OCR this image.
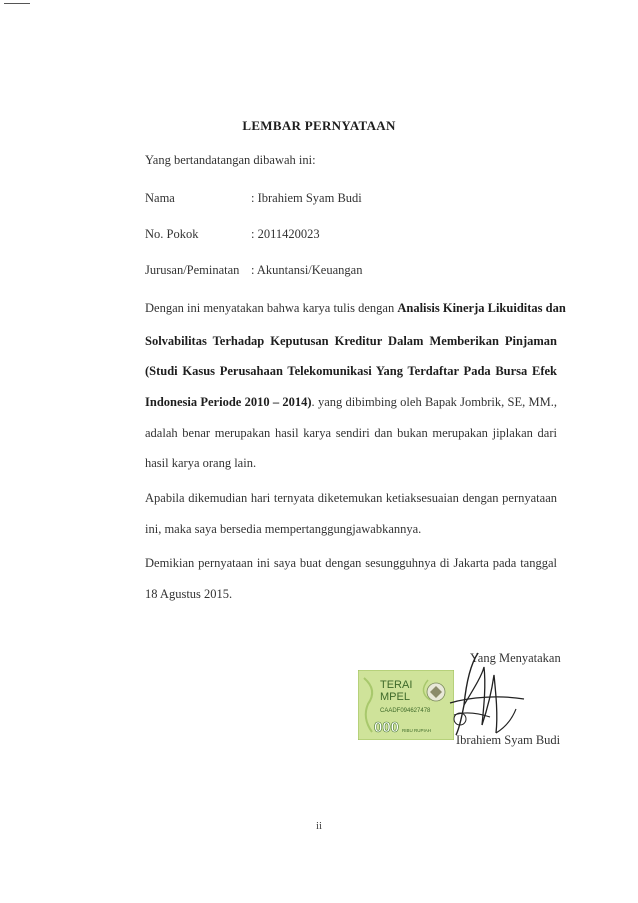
LEMBAR PERNYATAAN
Yang bertandatangan dibawah ini:
Nama	: Ibrahiem Syam Budi
No. Pokok	: 2011420023
Jurusan/Peminatan : Akuntansi/Keuangan
Dengan ini menyatakan bahwa karya tulis dengan Analisis Kinerja Likuiditas dan
Solvabilitas Terhadap Keputusan Kreditur Dalam Memberikan Pinjaman
(Studi Kasus Perusahaan Telekomunikasi Yang Terdaftar Pada Bursa Efek
Indonesia Periode 2010 – 2014). yang dibimbing oleh Bapak Jombrik, SE, MM.,
adalah benar merupakan hasil karya sendiri dan bukan merupakan jiplakan dari
hasil karya orang lain.
Apabila dikemudian hari ternyata diketemukan ketiaksesuaian dengan pernyataan
ini, maka saya bersedia mempertanggungjawabkannya.
Demikian pernyataan ini saya buat dengan sesungguhnya di Jakarta pada tanggal
18 Agustus 2015.
Yang Menyatakan
TERAI
MPEL
CAADF094627478
000 RIBU RUPIAH
Ibrahiem Syam Budi
ii
